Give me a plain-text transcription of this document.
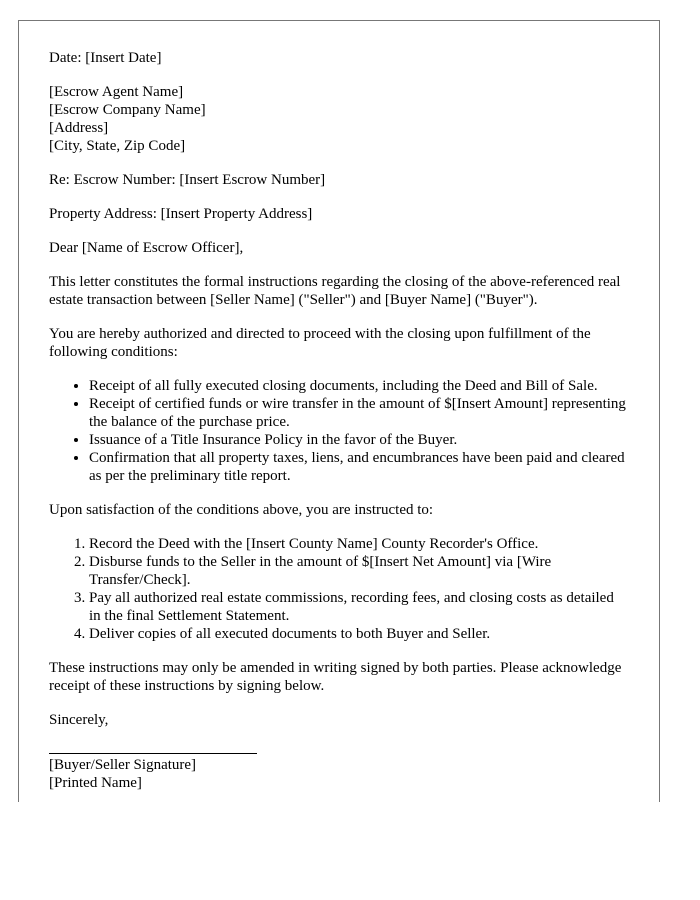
Date: [Insert Date]

[Escrow Agent Name]
[Escrow Company Name]
[Address]
[City, State, Zip Code]

Re: Escrow Number: [Insert Escrow Number]

Property Address: [Insert Property Address]

Dear [Name of Escrow Officer],

This letter constitutes the formal instructions regarding the closing of the above-referenced real estate transaction between [Seller Name] ("Seller") and [Buyer Name] ("Buyer").

You are hereby authorized and directed to proceed with the closing upon fulfillment of the following conditions:

• Receipt of all fully executed closing documents, including the Deed and Bill of Sale.
• Receipt of certified funds or wire transfer in the amount of $[Insert Amount] representing the balance of the purchase price.
• Issuance of a Title Insurance Policy in the favor of the Buyer.
• Confirmation that all property taxes, liens, and encumbrances have been paid and cleared as per the preliminary title report.

Upon satisfaction of the conditions above, you are instructed to:

1. Record the Deed with the [Insert County Name] County Recorder's Office.
2. Disburse funds to the Seller in the amount of $[Insert Net Amount] via [Wire Transfer/Check].
3. Pay all authorized real estate commissions, recording fees, and closing costs as detailed in the final Settlement Statement.
4. Deliver copies of all executed documents to both Buyer and Seller.

These instructions may only be amended in writing signed by both parties. Please acknowledge receipt of these instructions by signing below.

Sincerely,

[Buyer/Seller Signature]
[Printed Name]
